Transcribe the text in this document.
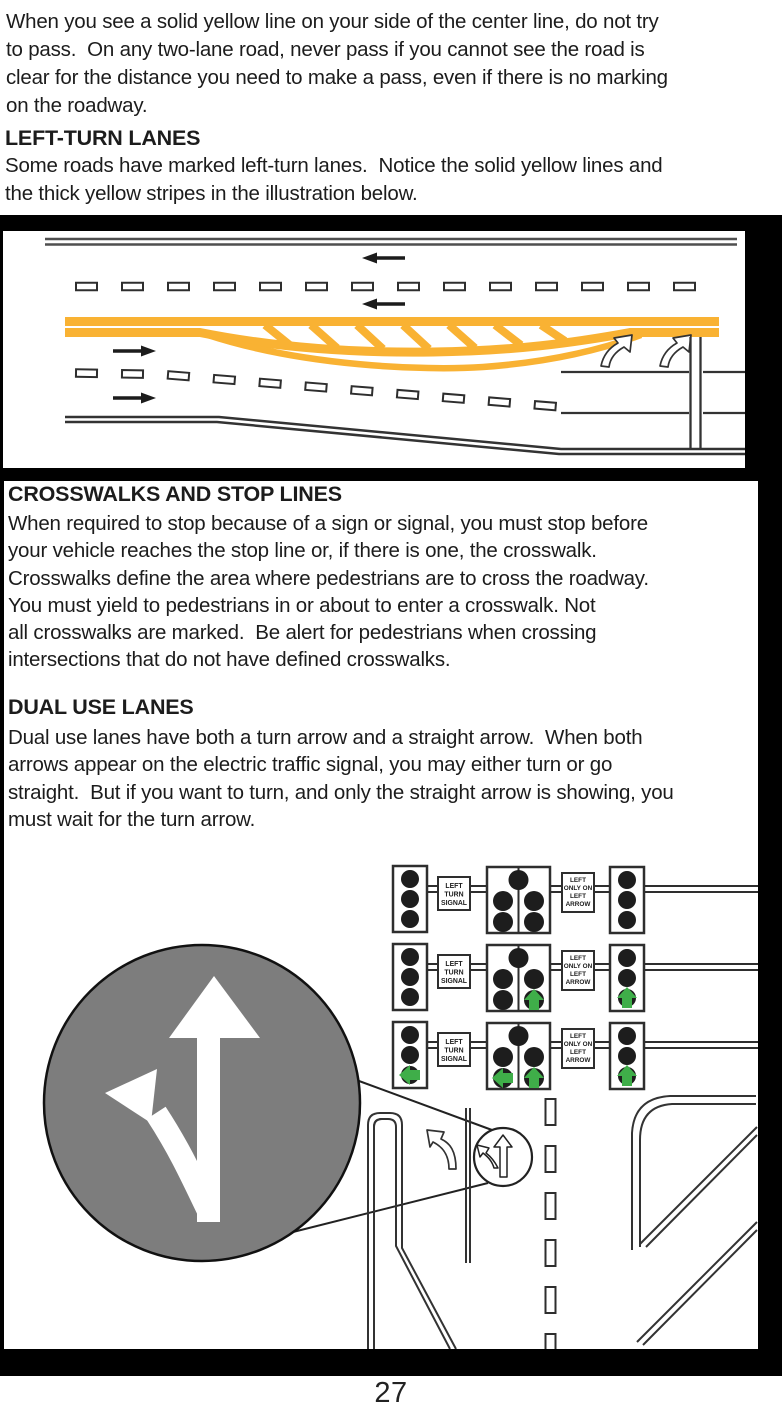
When you see a solid yellow line on your side of the center line, do not try
to pass.  On any two-lane road, never pass if you cannot see the road is
clear for the distance you need to make a pass, even if there is no marking
on the roadway.
LEFT-TURN LANES
Some roads have marked left-turn lanes.  Notice the solid yellow lines and
the thick yellow stripes in the illustration below.
CROSSWALKS AND STOP LINES
When required to stop because of a sign or signal, you must stop before
your vehicle reaches the stop line or, if there is one, the crosswalk.
Crosswalks define the area where pedestrians are to cross the roadway.
You must yield to pedestrians in or about to enter a crosswalk. Not
all crosswalks are marked.  Be alert for pedestrians when crossing
intersections that do not have defined crosswalks.
DUAL USE LANES
Dual use lanes have both a turn arrow and a straight arrow.  When both
arrows appear on the electric traffic signal, you may either turn or go
straight.  But if you want to turn, and only the straight arrow is showing, you
must wait for the turn arrow.
LEFT
TURN
SIGNAL
LEFT
ONLY ON
LEFT
ARROW
LEFT
TURN
SIGNAL
LEFT
ONLY ON
LEFT
ARROW
LEFT
TURN
SIGNAL
LEFT
ONLY ON
LEFT
ARROW
27
